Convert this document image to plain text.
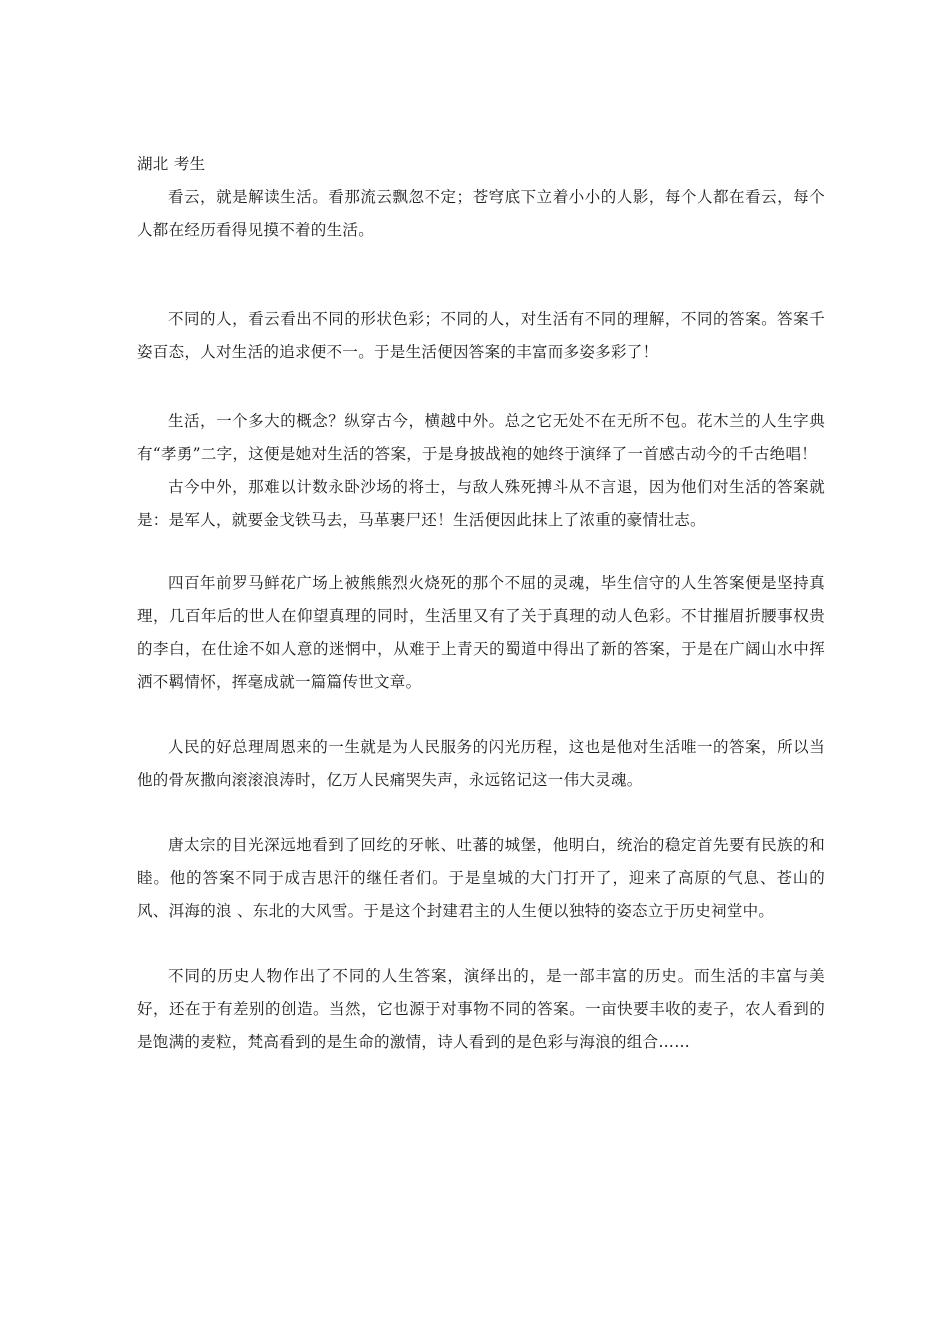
湖北 考生

看云，就是解读生活。看那流云飘忽不定；苍穹底下立着小小的人影，每个人都在看云，每个人都在经历看得见摸不着的生活。

不同的人，看云看出不同的形状色彩；不同的人，对生活有不同的理解，不同的答案。答案千姿百态，人对生活的追求便不一。于是生活便因答案的丰富而多姿多彩了！

生活，一个多大的概念？纵穿古今，横越中外。总之它无处不在无所不包。花木兰的人生字典有“孝勇”二字，这便是她对生活的答案，于是身披战袍的她终于演绎了一首感古动今的千古绝唱！

古今中外，那难以计数永卧沙场的将士，与敌人殊死搏斗从不言退，因为他们对生活的答案就是：是军人，就要金戈铁马去，马革裹尸还！生活便因此抹上了浓重的豪情壮志。

四百年前罗马鲜花广场上被熊熊烈火烧死的那个不屈的灵魂，毕生信守的人生答案便是坚持真理，几百年后的世人在仰望真理的同时，生活里又有了关于真理的动人色彩。不甘摧眉折腰事权贵的李白，在仕途不如人意的迷惘中，从难于上青天的蜀道中得出了新的答案，于是在广阔山水中挥洒不羁情怀，挥毫成就一篇篇传世文章。

人民的好总理周恩来的一生就是为人民服务的闪光历程，这也是他对生活唯一的答案，所以当他的骨灰撒向滚滚浪涛时，亿万人民痛哭失声，永远铭记这一伟大灵魂。

唐太宗的目光深远地看到了回纥的牙帐、吐蕃的城堡，他明白，统治的稳定首先要有民族的和睦。他的答案不同于成吉思汗的继任者们。于是皇城的大门打开了，迎来了高原的气息、苍山的风、洱海的浪 、东北的大风雪。于是这个封建君主的人生便以独特的姿态立于历史祠堂中。

不同的历史人物作出了不同的人生答案，演绎出的，是一部丰富的历史。而生活的丰富与美好，还在于有差别的创造。当然，它也源于对事物不同的答案。一亩快要丰收的麦子，农人看到的是饱满的麦粒，梵高看到的是生命的激情，诗人看到的是色彩与海浪的组合……
